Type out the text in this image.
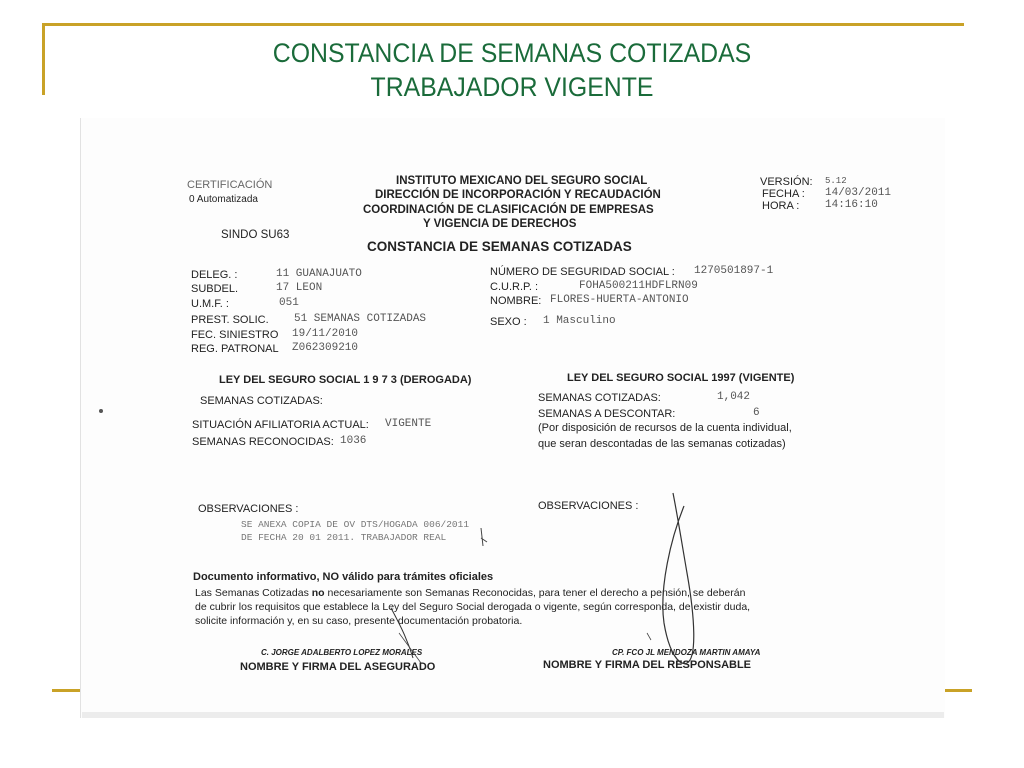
CONSTANCIA DE SEMANAS COTIZADAS
TRABAJADOR VIGENTE
CERTIFICACIÓN
0 Automatizada
SINDO SU63
INSTITUTO MEXICANO DEL SEGURO SOCIAL
DIRECCIÓN DE INCORPORACIÓN Y RECAUDACIÓN
COORDINACIÓN DE CLASIFICACIÓN DE EMPRESAS
Y VIGENCIA DE DERECHOS
VERSIÓN: 5.12
FECHA : 14/03/2011
HORA : 14:16:10
CONSTANCIA DE SEMANAS COTIZADAS
DELEG. :	11 GUANAJUATO
SUBDEL.	17 LEON
U.M.F. :	051
PREST. SOLIC. 51 SEMANAS COTIZADAS
FEC. SINIESTRO 19/11/2010
REG. PATRONAL Z062309210
NÚMERO DE SEGURIDAD SOCIAL : 1270501897-1
C.U.R.P. :	FOHA500211HDFLRN09
NOMBRE: FLORES-HUERTA-ANTONIO
SEXO : 1 Masculino
LEY DEL SEGURO SOCIAL 1 9 7 3 (DEROGADA)
SEMANAS COTIZADAS:
SITUACIÓN AFILIATORIA ACTUAL: VIGENTE
SEMANAS RECONOCIDAS: 1036
LEY DEL SEGURO SOCIAL 1997 (VIGENTE)
SEMANAS COTIZADAS:	1,042
SEMANAS A DESCONTAR:	6
(Por disposición de recursos de la cuenta individual,
que seran descontadas de las semanas cotizadas)
OBSERVACIONES :
SE ANEXA COPIA DE OV DTS/HOGADA 006/2011
DE FECHA 20 01 2011. TRABAJADOR REAL
OBSERVACIONES :
Documento informativo, NO válido para trámites oficiales
Las Semanas Cotizadas no necesariamente son Semanas Reconocidas, para tener el derecho a pensión, se deberán
de cubrir los requisitos que establece la Ley del Seguro Social derogada o vigente, según corresponda, de existir duda,
solicite información y, en su caso, presente documentación probatoria.
C. JORGE ADALBERTO LOPEZ MORALES
NOMBRE Y FIRMA DEL ASEGURADO
CP. FCO JL MENDOZA MARTIN AMAYA
NOMBRE Y FIRMA DEL RESPONSABLE
